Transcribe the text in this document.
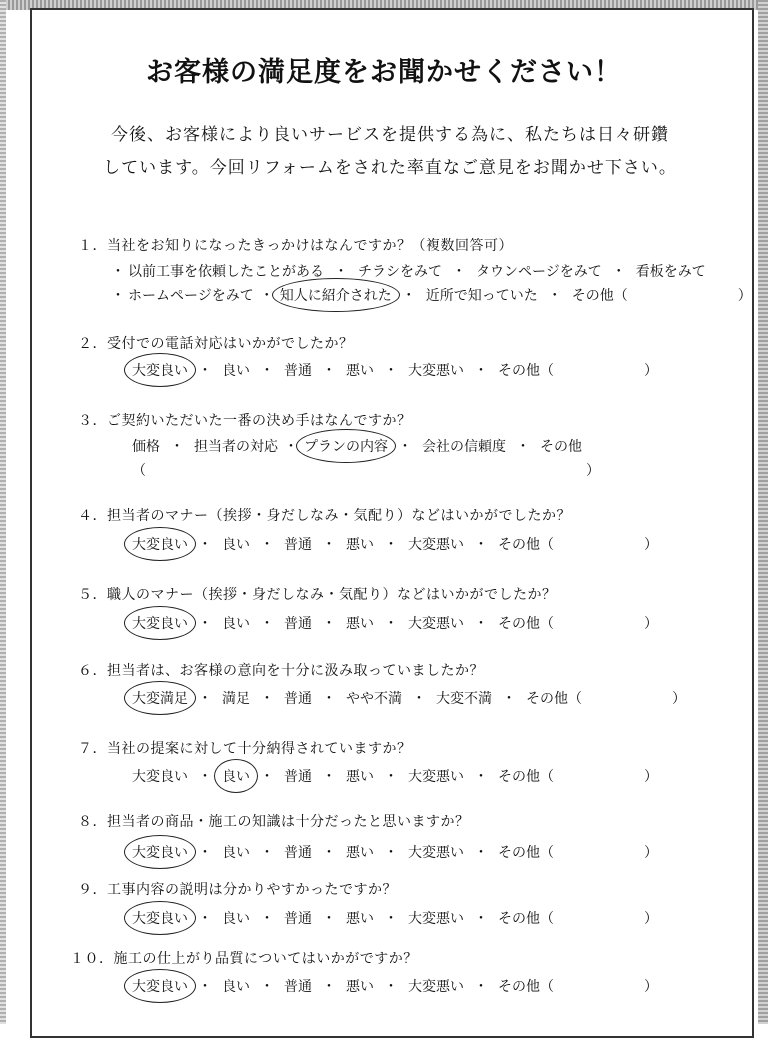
お客様の満足度をお聞かせください！
今後、お客様により良いサービスを提供する為に、私たちは日々研鑽
しています。今回リフォームをされた率直なご意見をお聞かせ下さい。
１．当社をお知りになったきっかけはなんですか？（複数回答可）
・ 以前工事を依頼したことがある ・ チラシをみて ・ タウンページをみて ・ 看板をみて
・ ホームページをみて ・ 知人に紹介された ・ 近所で知っていた ・ その他（	）
２．受付での電話対応はいかがでしたか？
大変良い ・ 良い ・ 普通 ・ 悪い ・ 大変悪い ・ その他（	）
３．ご契約いただいた一番の決め手はなんですか？
価格 ・ 担当者の対応 ・ プランの内容 ・ 会社の信頼度 ・ その他
（	）
４．担当者のマナー（挨拶・身だしなみ・気配り）などはいかがでしたか？
大変良い ・ 良い ・ 普通 ・ 悪い ・ 大変悪い ・ その他（	）
５．職人のマナー（挨拶・身だしなみ・気配り）などはいかがでしたか？
大変良い ・ 良い ・ 普通 ・ 悪い ・ 大変悪い ・ その他（	）
６．担当者は、お客様の意向を十分に汲み取っていましたか？
大変満足 ・ 満足 ・ 普通 ・ やや不満 ・ 大変不満 ・ その他（	）
７．当社の提案に対して十分納得されていますか？
大変良い ・ 良い ・ 普通 ・ 悪い ・ 大変悪い ・ その他（	）
８．担当者の商品・施工の知識は十分だったと思いますか？
大変良い ・ 良い ・ 普通 ・ 悪い ・ 大変悪い ・ その他（	）
９．工事内容の説明は分かりやすかったですか？
大変良い ・ 良い ・ 普通 ・ 悪い ・ 大変悪い ・ その他（	）
１０．施工の仕上がり品質についてはいかがですか？
大変良い ・ 良い ・ 普通 ・ 悪い ・ 大変悪い ・ その他（	）
